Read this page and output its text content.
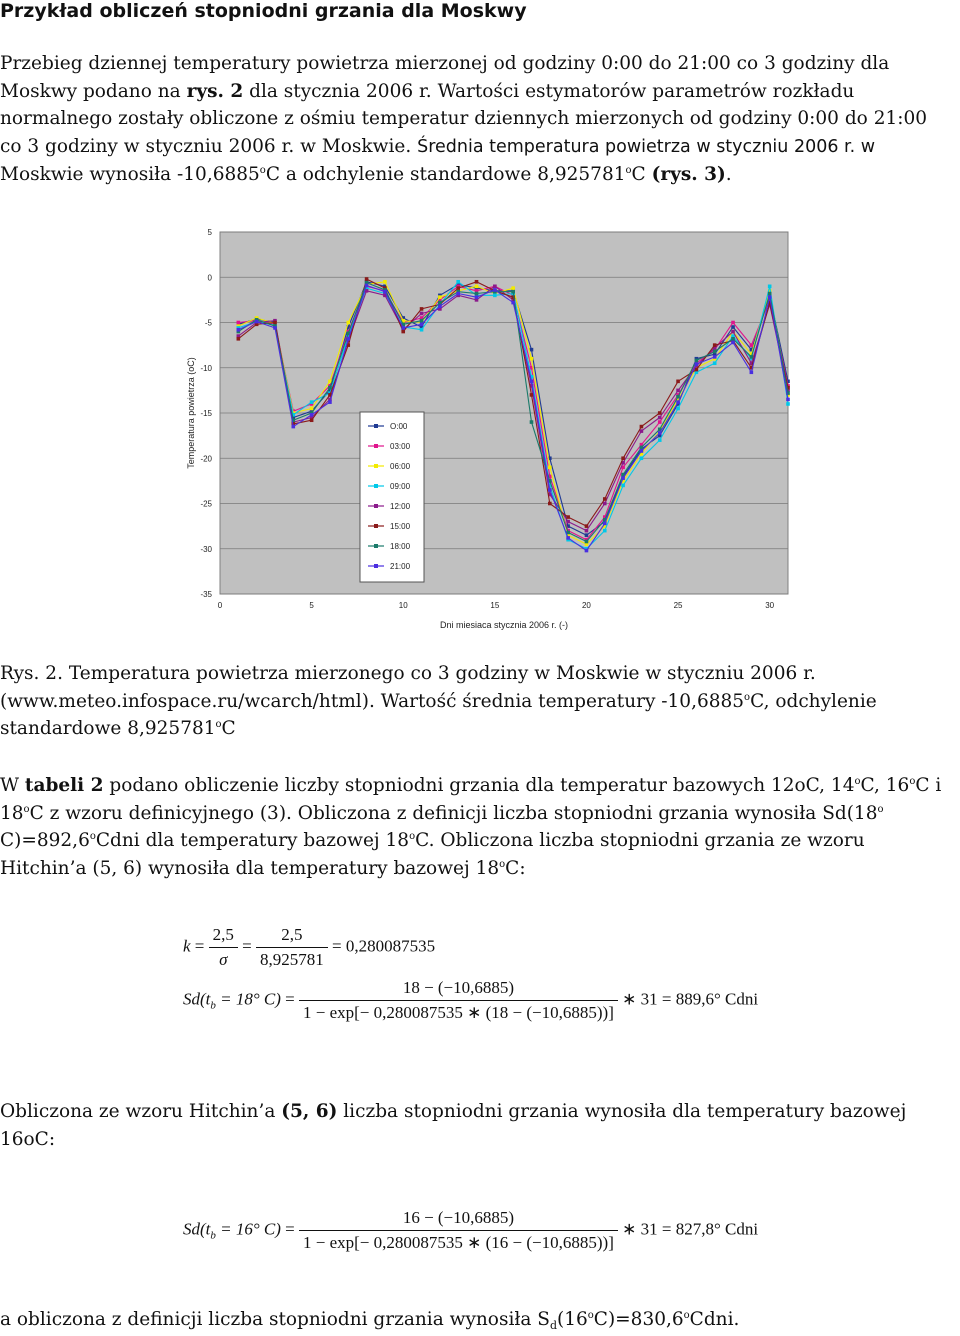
Przykład obliczeń stopniodni grzania dla Moskwy

Przebieg dziennej temperatury powietrza mierzonej od godziny 0:00 do 21:00 co 3 godziny dla
Moskwy podano na rys. 2 dla stycznia 2006 r. Wartości estymatorów parametrów rozkładu
normalnego zostały obliczone z ośmiu temperatur dziennych mierzonych od godziny 0:00 do 21:00
co 3 godziny w styczniu 2006 r. w Moskwie. Średnia temperatura powietrza w styczniu 2006 r. w
Moskwie wynosiła -10,6885$^o$C a odchylenie standardowe 8,925781$^o$C (rys. 3).

5
0
-5
-10
-15
-20
-25
-30
-35
0	5	10	15	20	25	30
Dni miesiaca stycznia 2006 r. (-)
Temperatura powietrza (oC)	O:00
03:00
06:00
09:00
12:00
15:00
18:00
21:00

Rys. 2. Temperatura powietrza mierzonego co 3 godziny w Moskwie w styczniu 2006 r.
(www.meteo.infospace.ru/wcarch/html). Wartość średnia temperatury -10,6885$^o$C, odchylenie
standardowe 8,925781$^o$C

W tabeli 2 podano obliczenie liczby stopniodni grzania dla temperatur bazowych 12oC, 14$^o$C, 16$^o$C i
18$^o$C z wzoru definicyjnego (3). Obliczona z definicji liczba stopniodni grzania wynosiła Sd(18$^o$
$C)=892,6^oCdni$ dla temperatury bazowej 18$^o$C. Obliczona liczba stopniodni grzania ze wzoru
Hitchin’a (5, 6) wynosiła dla temperatury bazowej 18$^o$C:

$k = \frac{2,5}{\sigma} = \frac{2,5}{8,925781} = 0,280087535$
$Sd(t_b = 18^\circ$ $C) = \frac{18 - (-10,6885)}{1 - \exp[- 0,280087535 ∗ (18 - (-10,6885))]}$ ∗ 31 = 889,6° Cdni

Obliczona ze wzoru Hitchin’a (5, 6) liczba stopniodni grzania wynosiła dla temperatury bazowej
16oC:

$Sd(t_b = 16^\circ$ $C) = \frac{16 - (-10,6885)}{1 - \exp[- 0,280087535 ∗ (16 - (-10,6885))]}$ ∗ 31 = 827,8° Cdni

a obliczona z definicji liczba stopniodni grzania wynosiła $S_d(16^oC)=830,6^oCdni$.
